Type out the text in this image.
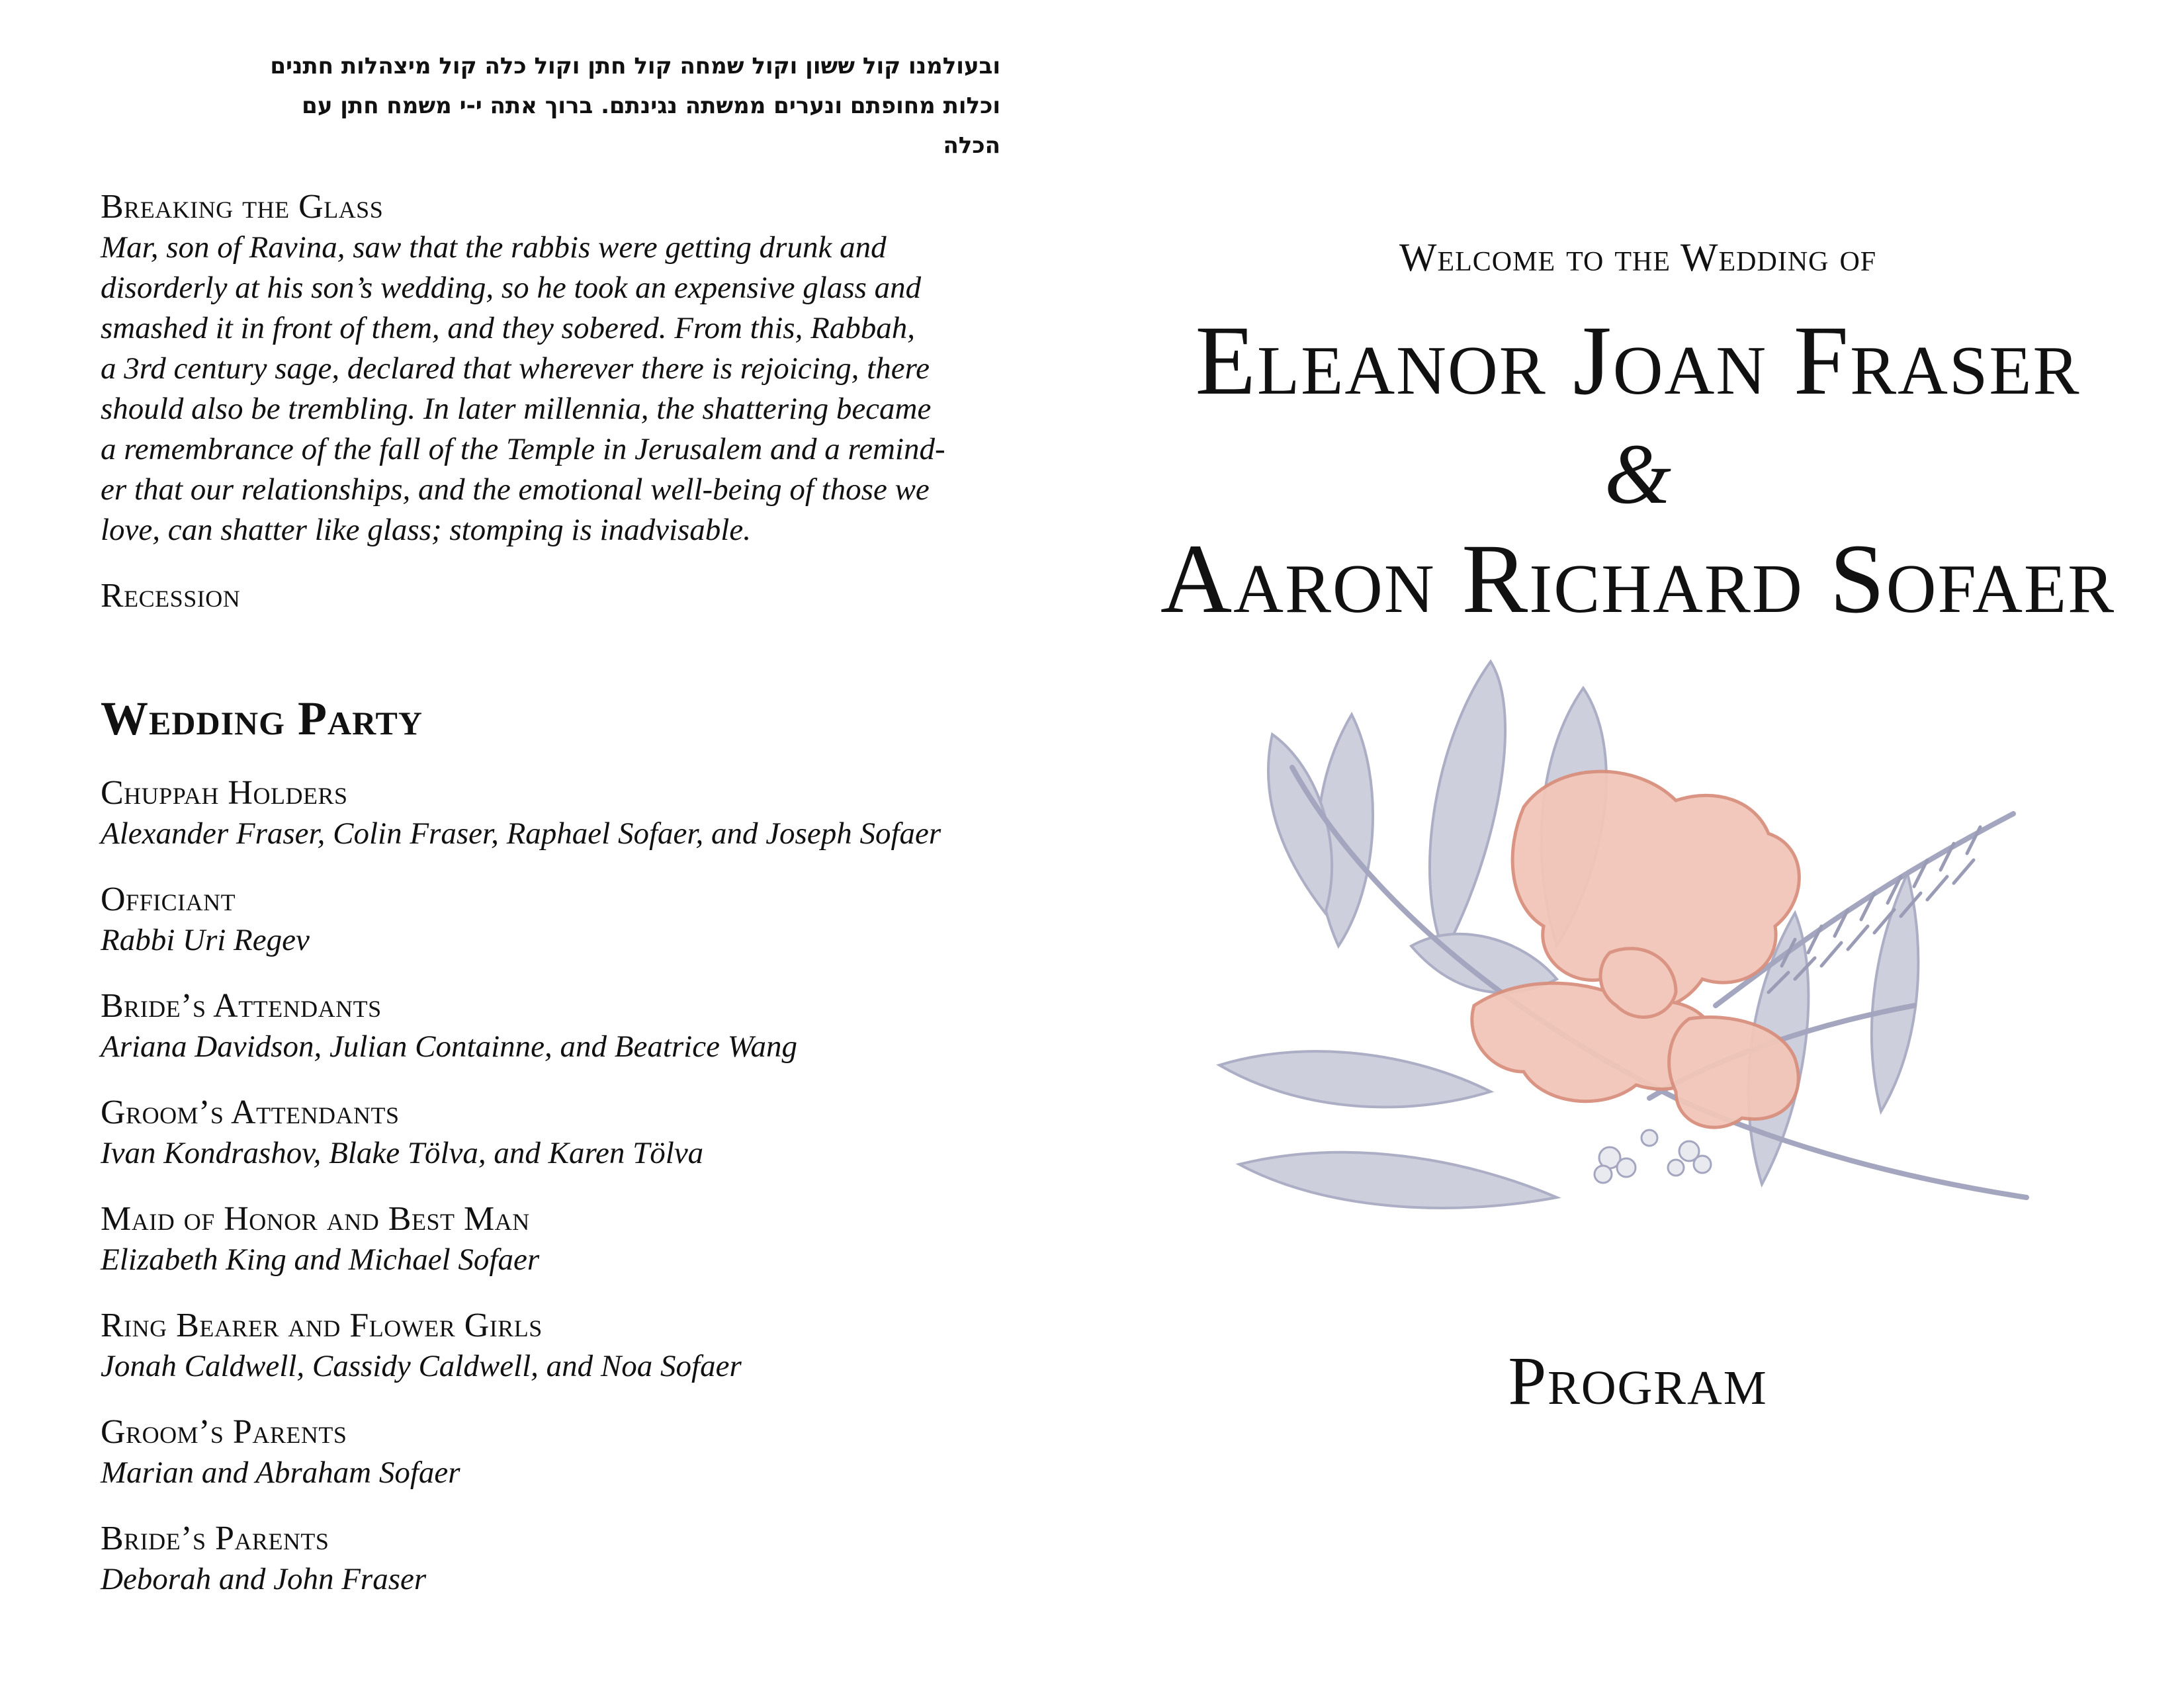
ובעולמנו קול ששון וקול שמחה קול חתן וקול כלה קול מיצהלות חתנים

וכלות מחופתם ונערים ממשתה נגינתם. ברוך אתה י-י משמח חתן עם

הכלה

Breaking the Glass

Mar, son of Ravina, saw that the rabbis were getting drunk and

disorderly at his son’s wedding, so he took an expensive glass and

smashed it in front of them, and they sobered. From this, Rabbah,

a 3rd century sage, declared that wherever there is rejoicing, there

should also be trembling. In later millennia, the shattering became

a remembrance of the fall of the Temple in Jerusalem and a remind-

er that our relationships, and the emotional well-being of those we

love, can shatter like glass; stomping is inadvisable.

Recession

Wedding Party

Chuppah Holders

Alexander Fraser, Colin Fraser, Raphael Sofaer, and Joseph Sofaer

Officiant

Rabbi Uri Regev

Bride’s Attendants

Ariana Davidson, Julian Containne, and Beatrice Wang

Groom’s Attendants

Ivan Kondrashov, Blake Tölva, and Karen Tölva

Maid of Honor and Best Man

Elizabeth King and Michael Sofaer

Ring Bearer and Flower Girls

Jonah Caldwell, Cassidy Caldwell, and Noa Sofaer

Groom’s Parents

Marian and Abraham Sofaer

Bride’s Parents

Deborah and John Fraser

Welcome to the Wedding of
Eleanor Joan Fraser
&
Aaron Richard Sofaer
Program
